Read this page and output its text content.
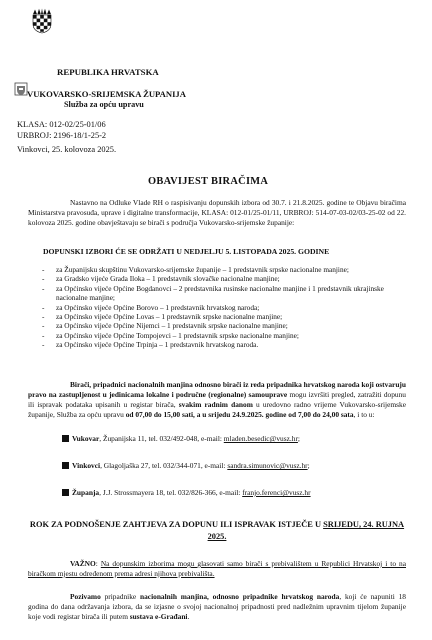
REPUBLIKA HRVATSKA
VUKOVARSKO-SRIJEMSKA ŽUPANIJA
Služba za opću upravu
KLASA: 012-02/25-01/06
URBROJ: 2196-18/1-25-2
Vinkovci, 25. kolovoza 2025.
OBAVIJEST BIRAČIMA
Nastavno na Odluke Vlade RH o raspisivanju dopunskih izbora od 30.7. i 21.8.2025. godine te Objavu biračima Ministarstva pravosuđa, uprave i digitalne transformacije, KLASA: 012-01/25-01/11, URBROJ: 514-07-03-02/03-25-02 od 22. kolovoza 2025. godine obavještavaju se birači s područja Vukovarsko-srijemske županije:
DOPUNSKI IZBORI ĆE SE ODRŽATI U NEDJELJU 5. LISTOPADA 2025. GODINE
- za Županijsku skupštinu Vukovarsko-srijemske županije – 1 predstavnik srpske nacionalne manjine;
- za Gradsko vijeće Grada Iloka – 1 predstavnik slovačke nacionalne manjine;
- za Općinsko vijeće Općine Bogdanovci – 2 predstavnika rusinske nacionalne manjine i 1 predstavnik ukrajinske nacionalne manjine;
- za Općinsko vijeće Općine Borovo – 1 predstavnik hrvatskog naroda;
- za Općinsko vijeće Općine Lovas – 1 predstavnik srpske nacionalne manjine;
- za Općinsko vijeće Općine Nijemci – 1 predstavnik srpske nacionalne manjine;
- za Općinsko vijeće Općine Tompojevci – 1 predstavnik srpske nacionalne manjine;
- za Općinsko vijeće Općine Trpinja – 1 predstavnik hrvatskog naroda.
Birači, pripadnici nacionalnih manjina odnosno birači iz reda pripadnika hrvatskog naroda koji ostvaruju pravo na zastupljenost u jedinicama lokalne i područne (regionalne) samouprave mogu izvršiti pregled, zatražiti dopunu ili ispravak podataka upisanih u registar birača, svakim radnim danom u uredovno radno vrijeme Vukovarsko-srijemske županije, Služba za opću upravu od 07,00 do 15,00 sati, a u srijedu 24.9.2025. godine od 7,00 do 24,00 sata, i to u:
Vukovar, Županijska 11, tel. 032/492-048, e-mail: mladen.besedic@vusz.hr;
Vinkovci, Glagoljaška 27, tel. 032/344-071, e-mail: sandra.simunovic@vusz.hr;
Županja, J.J. Strossmayera 18, tel. 032/826-366, e-mail: franjo.ferenci@vusz.hr
ROK ZA PODNOŠENJE ZAHTJEVA ZA DOPUNU ILI ISPRAVAK ISTJEČE U SRIJEDU, 24. RUJNA 2025.
VAŽNO: Na dopunskim izborima mogu glasovati samo birači s prebivalištem u Republici Hrvatskoj i to na biračkom mjestu određenom prema adresi njihova prebivališta.
Pozivamo pripadnike nacionalnih manjina, odnosno pripadnike hrvatskog naroda, koji će napuniti 18 godina do dana održavanja izbora, da se izjasne o svojoj nacionalnoj pripadnosti pred nadležnim upravnim tijelom županije koje vodi registar birača ili putem sustava e-Građani.
